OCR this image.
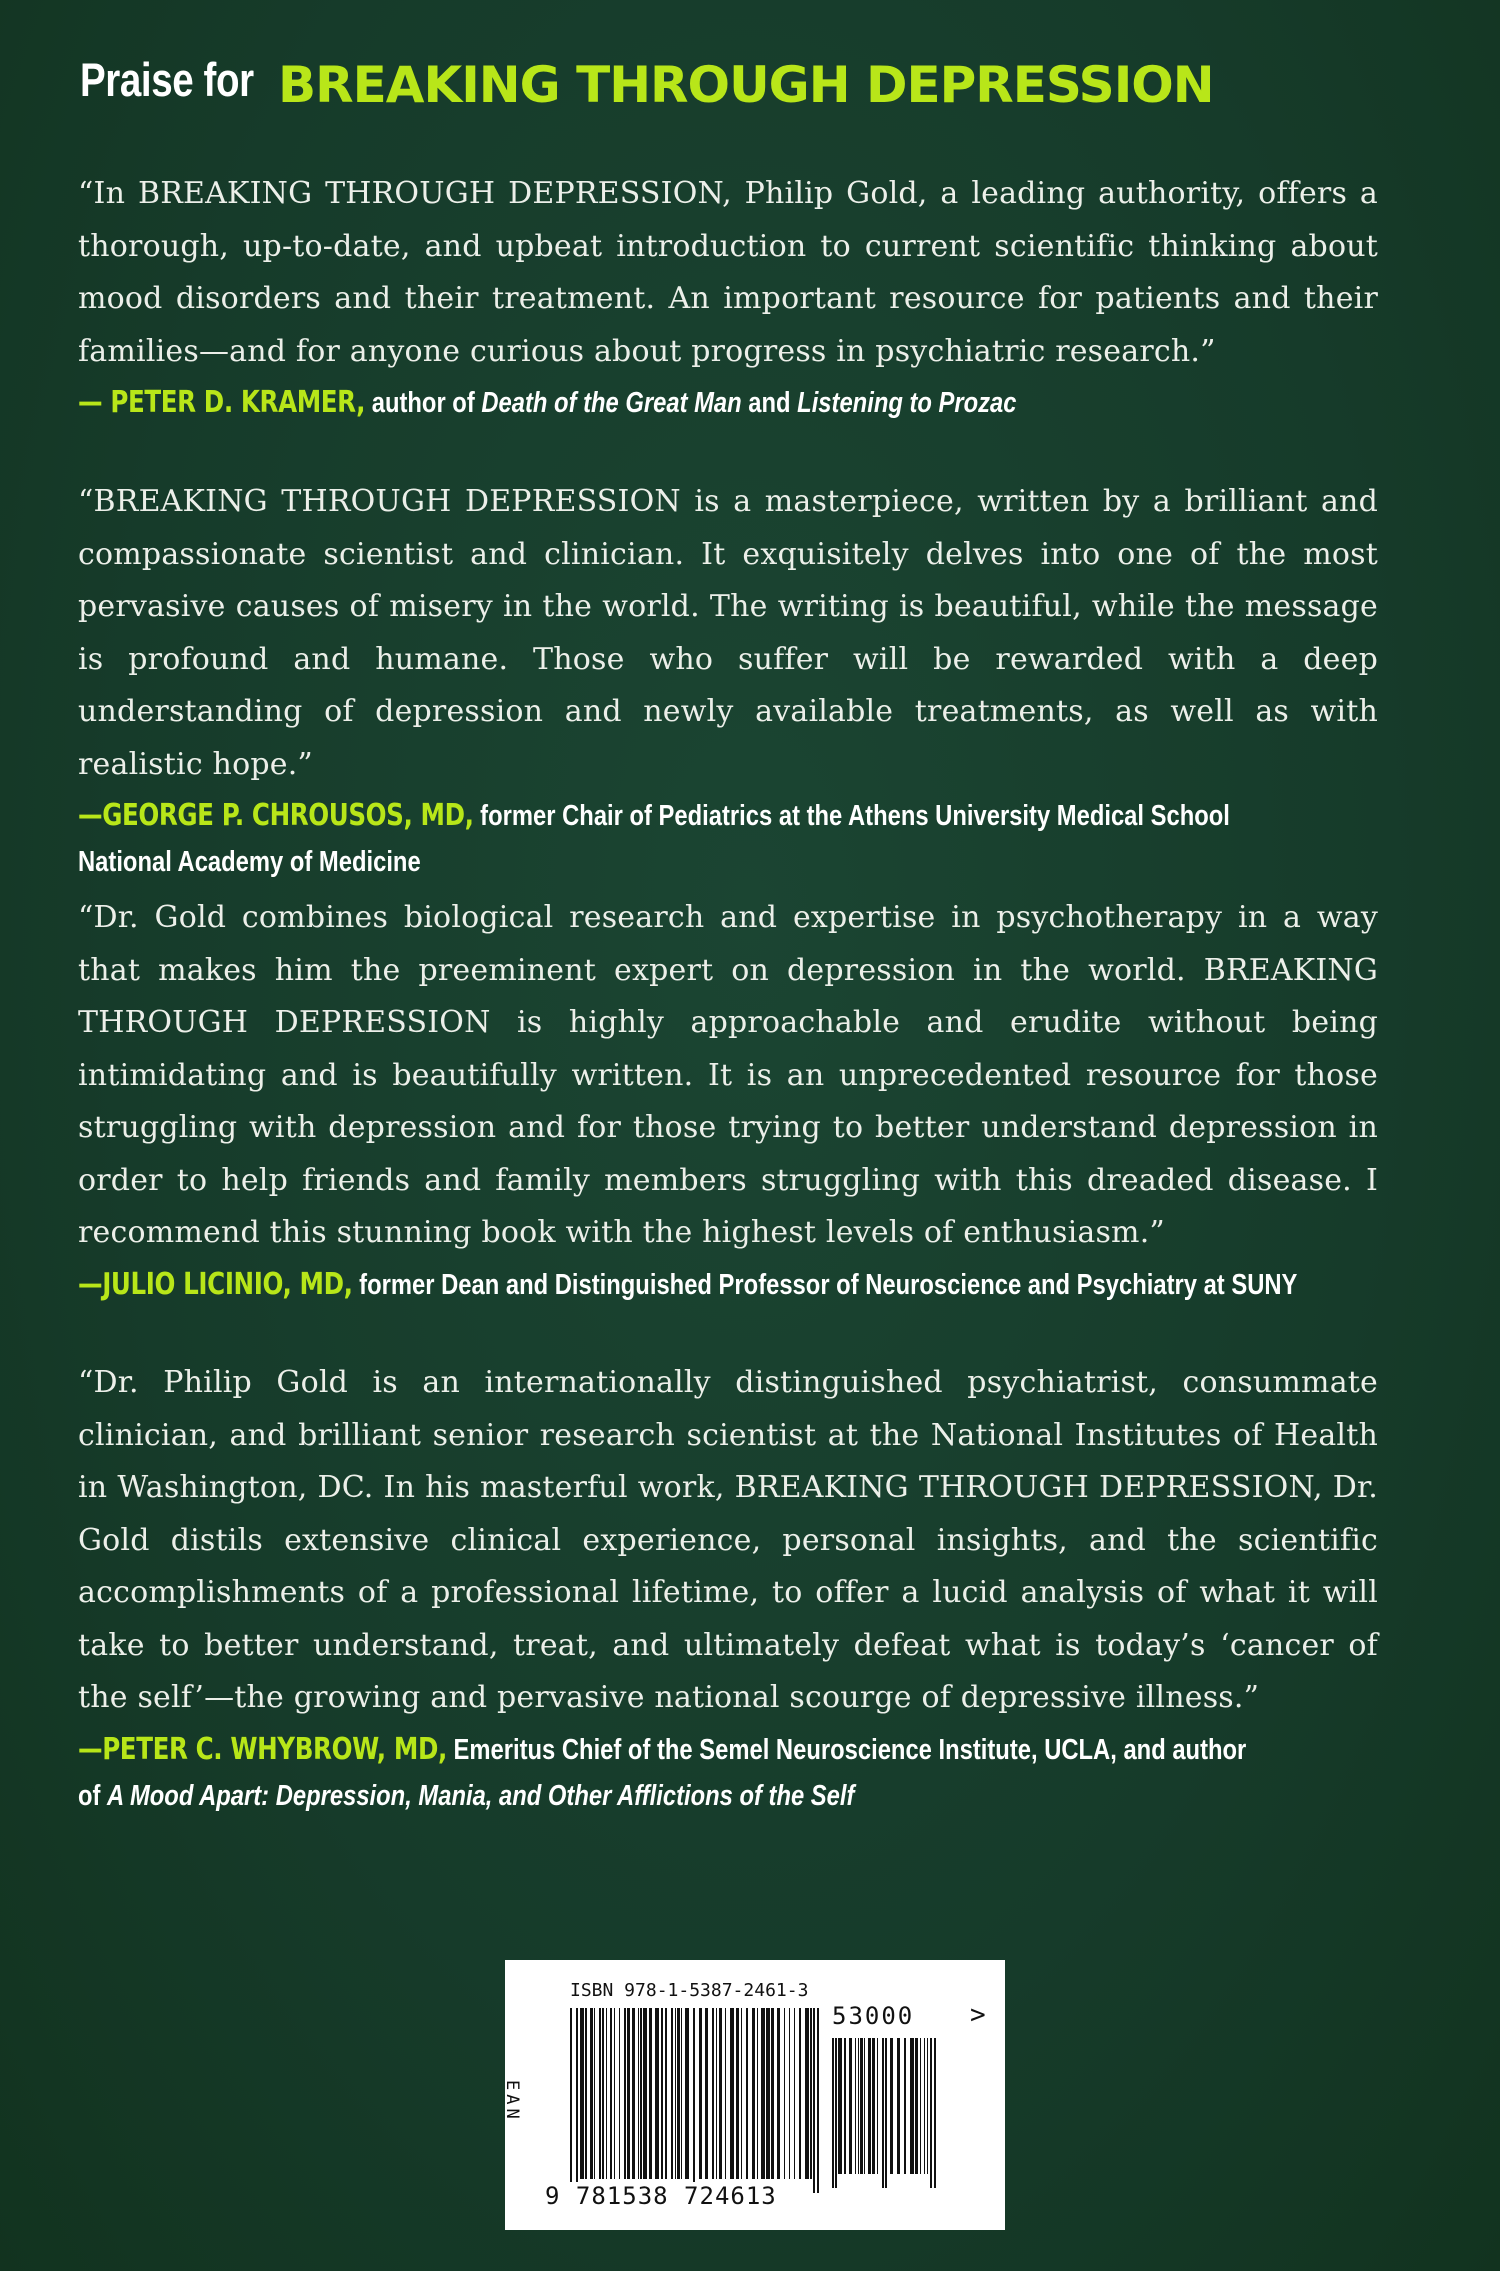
Praise for BREAKING THROUGH DEPRESSION

“In BREAKING THROUGH DEPRESSION, Philip Gold, a leading authority, offers a thorough, up-to-date, and upbeat introduction to current scientific thinking about mood disorders and their treatment. An important resource for patients and their families—and for anyone curious about progress in psychiatric research.”

— PETER D. KRAMER, author of Death of the Great Man and Listening to Prozac

“BREAKING THROUGH DEPRESSION is a masterpiece, written by a brilliant and compassionate scientist and clinician. It exquisitely delves into one of the most pervasive causes of misery in the world. The writing is beautiful, while the message is profound and humane. Those who suffer will be rewarded with a deep understanding of depression and newly available treatments, as well as with realistic hope.”

—GEORGE P. CHROUSOS, MD, former Chair of Pediatrics at the Athens University Medical School

National Academy of Medicine

“Dr. Gold combines biological research and expertise in psychotherapy in a way that makes him the preeminent expert on depression in the world. BREAKING THROUGH DEPRESSION is highly approachable and erudite without being intimidating and is beautifully written. It is an unprecedented resource for those struggling with depression and for those trying to better understand depression in order to help friends and family members struggling with this dreaded disease. I recommend this stunning book with the highest levels of enthusiasm.”

—JULIO LICINIO, MD, former Dean and Distinguished Professor of Neuroscience and Psychiatry at SUNY

“Dr. Philip Gold is an internationally distinguished psychiatrist, consummate clinician, and brilliant senior research scientist at the National Institutes of Health in Washington, DC. In his masterful work, BREAKING THROUGH DEPRESSION, Dr. Gold distils extensive clinical experience, personal insights, and the scientific accomplishments of a professional lifetime, to offer a lucid analysis of what it will take to better understand, treat, and ultimately defeat what is today’s ‘cancer of the self’—the growing and pervasive national scourge of depressive illness.”

—PETER C. WHYBROW, MD, Emeritus Chief of the Semel Neuroscience Institute, UCLA, and author

of A Mood Apart: Depression, Mania, and Other Afflictions of the Self

ISBN 978-1-5387-2461-3
53000 >
EAN
9 781538 724613
